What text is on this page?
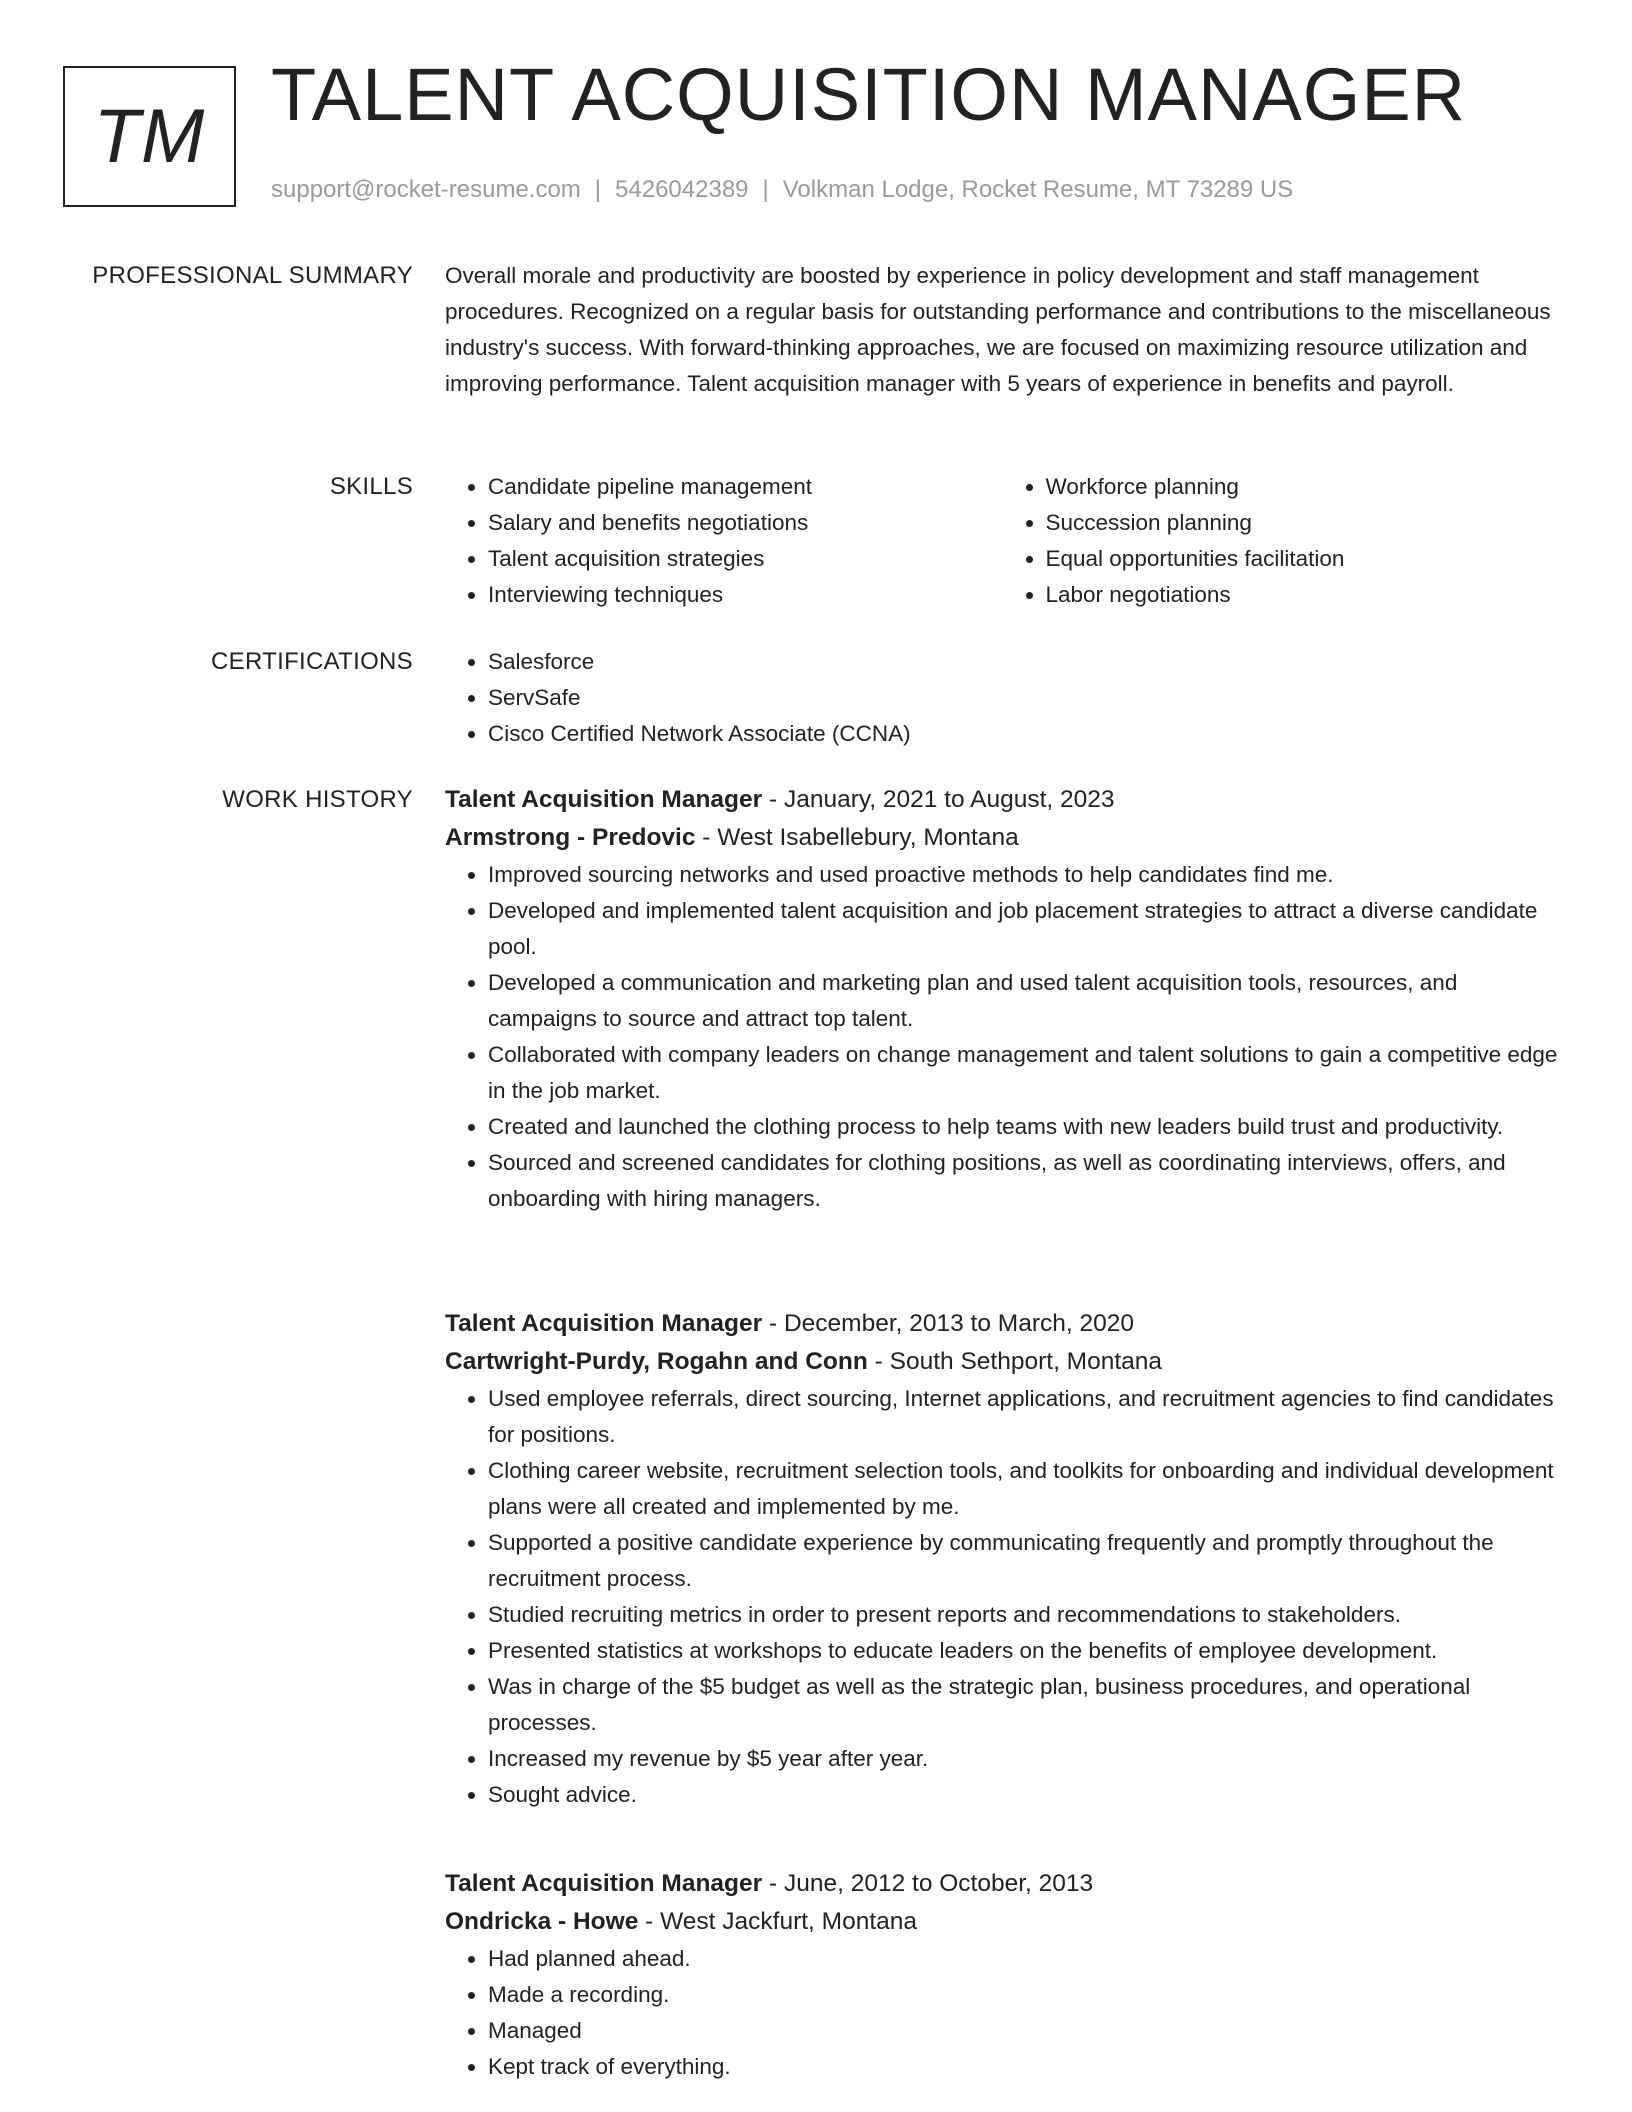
TM TALENT ACQUISITION MANAGER
support@rocket-resume.com | 5426042389 | Volkman Lodge, Rocket Resume, MT 73289 US
PROFESSIONAL SUMMARY Overall morale and productivity are boosted by experience in policy development and staff management procedures. Recognized on a regular basis for outstanding performance and contributions to the miscellaneous industry's success. With forward-thinking approaches, we are focused on maximizing resource utilization and improving performance. Talent acquisition manager with 5 years of experience in benefits and payroll.

SKILLS	• Candidate pipeline management
• Salary and benefits negotiations
• Talent acquisition strategies
• Interviewing techniques
• Workforce planning
• Succession planning
• Equal opportunities facilitation
• Labor negotiations
CERTIFICATIONS	• Salesforce
• ServSafe
• Cisco Certified Network Associate (CCNA)
WORK HISTORY Talent Acquisition Manager - January, 2021 to August, 2023
Armstrong - Predovic - West Isabellebury, Montana
• Improved sourcing networks and used proactive methods to help candidates find me.
• Developed and implemented talent acquisition and job placement strategies to attract a diverse candidate pool.
• Developed a communication and marketing plan and used talent acquisition tools, resources, and campaigns to source and attract top talent.
• Collaborated with company leaders on change management and talent solutions to gain a competitive edge in the job market.
• Created and launched the clothing process to help teams with new leaders build trust and productivity.
• Sourced and screened candidates for clothing positions, as well as coordinating interviews, offers, and onboarding with hiring managers.
Talent Acquisition Manager - December, 2013 to March, 2020
Cartwright-Purdy, Rogahn and Conn - South Sethport, Montana
• Used employee referrals, direct sourcing, Internet applications, and recruitment agencies to find candidates for positions.
• Clothing career website, recruitment selection tools, and toolkits for onboarding and individual development plans were all created and implemented by me.
• Supported a positive candidate experience by communicating frequently and promptly throughout the recruitment process.
• Studied recruiting metrics in order to present reports and recommendations to stakeholders.
• Presented statistics at workshops to educate leaders on the benefits of employee development.
• Was in charge of the $5 budget as well as the strategic plan, business procedures, and operational processes.
• Increased my revenue by $5 year after year.
• Sought advice.
Talent Acquisition Manager - June, 2012 to October, 2013
Ondricka - Howe - West Jackfurt, Montana
• Had planned ahead.
• Made a recording.
• Managed
• Kept track of everything.
